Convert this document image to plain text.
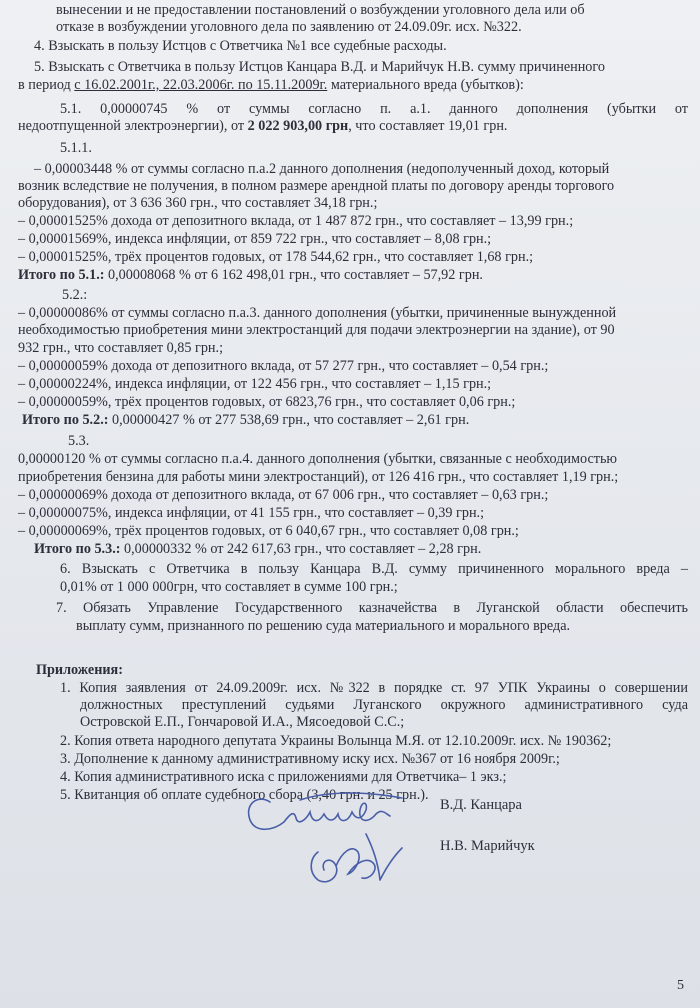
вынесении и не предоставлении постановлений о возбуждении уголовного дела или об
отказе в возбуждении уголовного дела по заявлению от 24.09.09г. исх. №322.
4. Взыскать в пользу Истцов с Ответчика №1 все судебные расходы.
5. Взыскать с Ответчика в пользу Истцов Канцара В.Д. и Марийчук Н.В. сумму причиненного
в период с 16.02.2001г., 22.03.2006г. по 15.11.2009г. материального вреда (убытков):
5.1. 0,00000745 % от суммы согласно п. а.1. данного дополнения (убытки от
недоотпущенной электроэнергии), от 2 022 903,00 грн, что составляет 19,01 грн.
5.1.1.
– 0,00003448 % от суммы согласно п.а.2 данного дополнения (недополученный доход, который
возник вследствие не получения, в полном размере арендной платы по договору аренды торгового
оборудования), от 3 636 360 грн., что составляет 34,18 грн.;
– 0,00001525% дохода от депозитного вклада, от 1 487 872 грн., что составляет – 13,99 грн.;
– 0,00001569%, индекса инфляции, от 859 722 грн., что составляет – 8,08 грн.;
– 0,00001525%, трёх процентов годовых, от 178 544,62 грн., что составляет 1,68 грн.;
Итого по 5.1.: 0,00008068 % от 6 162 498,01 грн., что составляет – 57,92 грн.
5.2.:
– 0,00000086% от суммы согласно п.а.3. данного дополнения (убытки, причиненные вынужденной
необходимостью приобретения мини электростанций для подачи электроэнергии на здание), от 90
932 грн., что составляет 0,85 грн.;
– 0,00000059% дохода от депозитного вклада, от 57 277 грн., что составляет – 0,54 грн.;
– 0,00000224%, индекса инфляции, от 122 456 грн., что составляет – 1,15 грн.;
– 0,00000059%, трёх процентов годовых, от 6823,76 грн., что составляет 0,06 грн.;
Итого по 5.2.: 0,00000427 % от 277 538,69 грн., что составляет – 2,61 грн.
5.3.
0,00000120 % от суммы согласно п.а.4. данного дополнения (убытки, связанные с необходимостью
приобретения бензина для работы мини электростанций), от 126 416 грн., что составляет 1,19 грн.;
– 0,00000069% дохода от депозитного вклада, от 67 006 грн., что составляет – 0,63 грн.;
– 0,00000075%, индекса инфляции, от 41 155 грн., что составляет – 0,39 грн.;
– 0,00000069%, трёх процентов годовых, от 6 040,67 грн., что составляет 0,08 грн.;
Итого по 5.3.: 0,00000332 % от 242 617,63 грн., что составляет – 2,28 грн.
6. Взыскать с Ответчика в пользу Канцара В.Д. сумму причиненного морального вреда –
0,01% от 1 000 000грн, что составляет в сумме 100 грн.;
7. Обязать Управление Государственного казначейства в Луганской области обеспечить
выплату сумм, признанного по решению суда материального и морального вреда.
Приложения:
1. Копия заявления от 24.09.2009г. исх. №322 в порядке ст. 97 УПК Украины о совершении
должностных преступлений судьями Луганского окружного административного суда
Островской Е.П., Гончаровой И.А., Мясоедовой С.С.;
2. Копия ответа народного депутата Украины Волынца М.Я. от 12.10.2009г. исх. № 190362;
3. Дополнение к данному административному иску исх. №367 от 16 ноября 2009г.;
4. Копия административного иска с приложениями для Ответчика– 1 экз.;
5. Квитанция об оплате судебного сбора (3,40 грн. и 25 грн.).
В.Д. Канцара
Н.В. Марийчук
5
